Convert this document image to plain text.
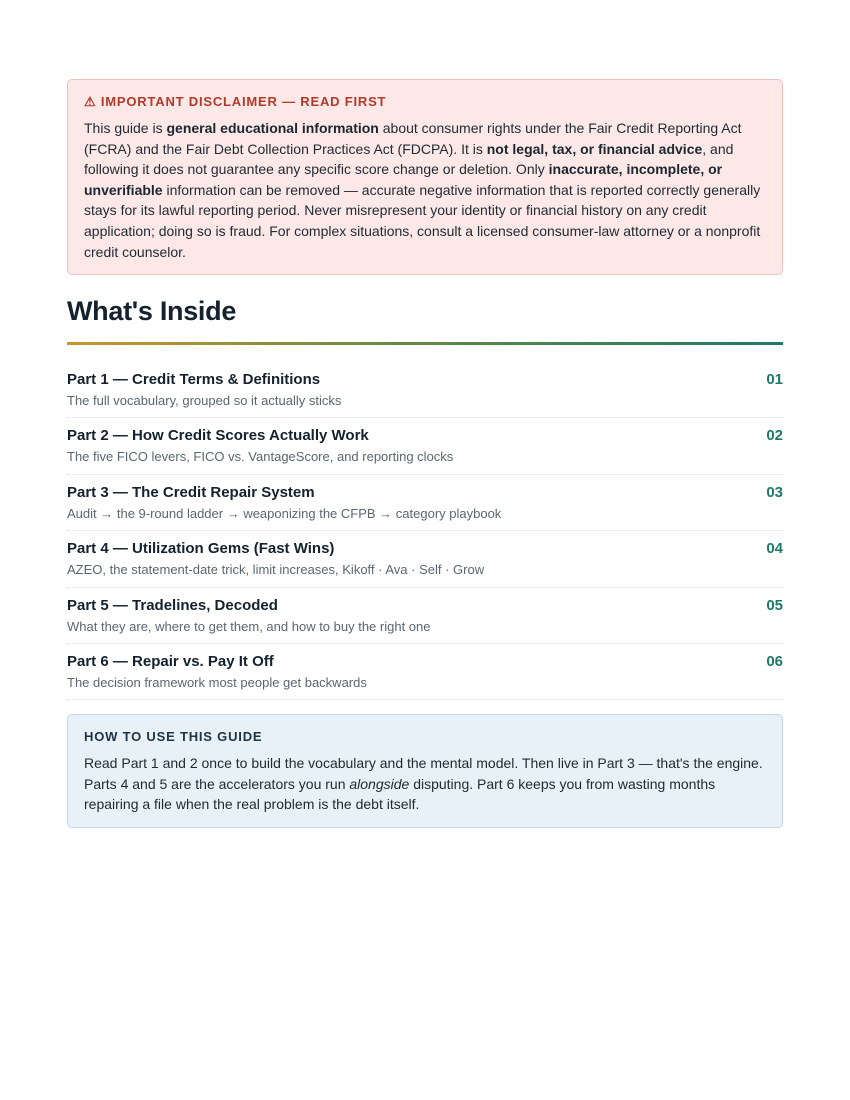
⚠ IMPORTANT DISCLAIMER — READ FIRST

This guide is general educational information about consumer rights under the Fair Credit Reporting Act (FCRA) and the Fair Debt Collection Practices Act (FDCPA). It is not legal, tax, or financial advice, and following it does not guarantee any specific score change or deletion. Only inaccurate, incomplete, or unverifiable information can be removed — accurate negative information that is reported correctly generally stays for its lawful reporting period. Never misrepresent your identity or financial history on any credit application; doing so is fraud. For complex situations, consult a licensed consumer-law attorney or a nonprofit credit counselor.

What's Inside
Part 1 — Credit Terms & Definitions	01
The full vocabulary, grouped so it actually sticks
Part 2 — How Credit Scores Actually Work	02
The five FICO levers, FICO vs. VantageScore, and reporting clocks
Part 3 — The Credit Repair System	03
Audit → the 9-round ladder → weaponizing the CFPB → category playbook
Part 4 — Utilization Gems (Fast Wins)	04
AZEO, the statement-date trick, limit increases, Kikoff · Ava · Self · Grow
Part 5 — Tradelines, Decoded	05
What they are, where to get them, and how to buy the right one
Part 6 — Repair vs. Pay It Off	06
The decision framework most people get backwards
HOW TO USE THIS GUIDE

Read Part 1 and 2 once to build the vocabulary and the mental model. Then live in Part 3 — that's the engine. Parts 4 and 5 are the accelerators you run alongside disputing. Part 6 keeps you from wasting months repairing a file when the real problem is the debt itself.
